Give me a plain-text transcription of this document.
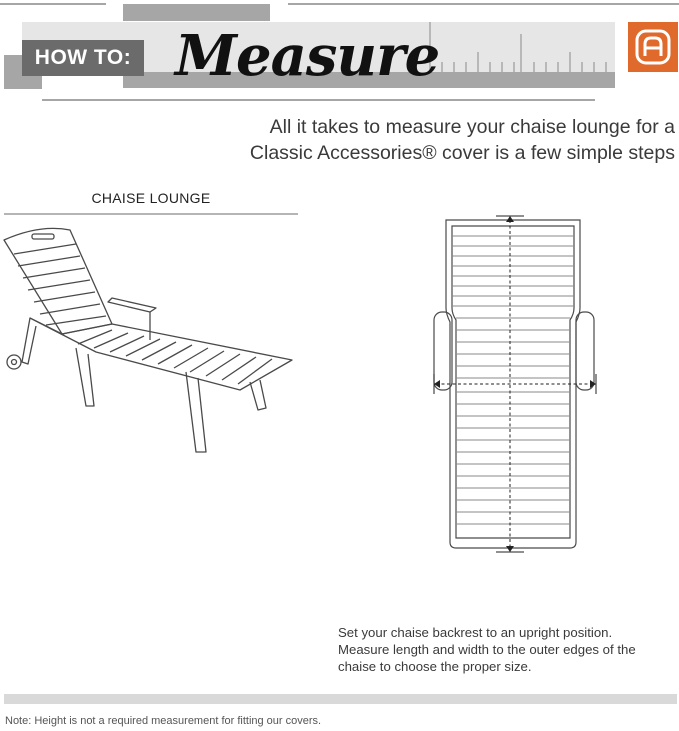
HOW TO: Measure
All it takes to measure your chaise lounge for a
Classic Accessories® cover is a few simple steps
CHAISE LOUNGE
Set your chaise backrest to an upright position.
Measure length and width to the outer edges of the
chaise to choose the proper size.
Note: Height is not a required measurement for fitting our covers.
